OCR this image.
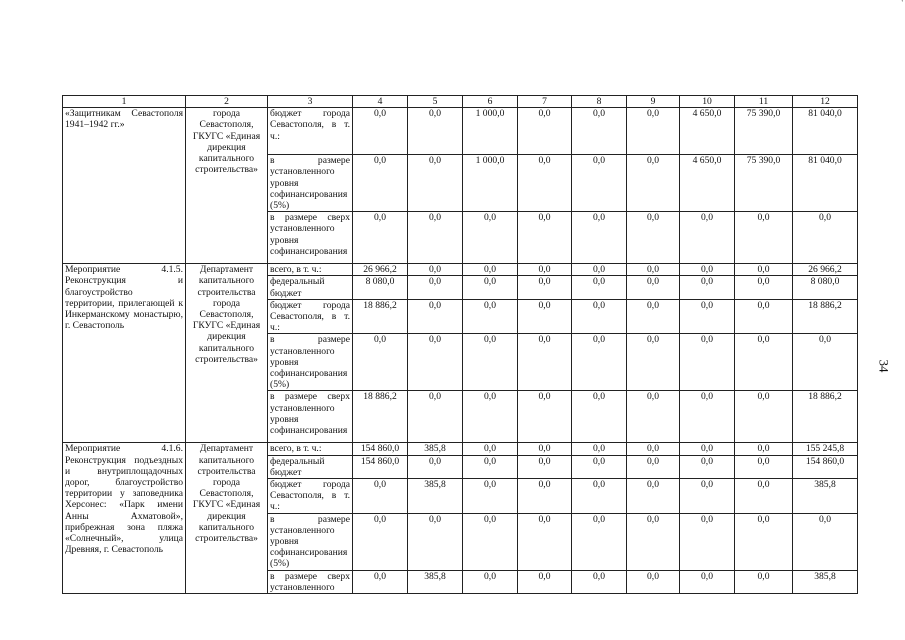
'
1	2	3	4	5	6	7	8	9	10	11	12
«Защитникам Севастополя 1941–1942 гг.»	города Севастополя, ГКУГС «Единая дирекция капитального строительства»	бюджет города Севастополя, в т. ч.:	0,0	0,0	1 000,0	0,0	0,0	0,0	4 650,0	75 390,0	81 040,0
		в размере установленного уровня софинансирования (5%)	0,0	0,0	1 000,0	0,0	0,0	0,0	4 650,0	75 390,0	81 040,0
		в размере сверх установленного уровня софинансирования	0,0	0,0	0,0	0,0	0,0	0,0	0,0	0,0	0,0
Мероприятие 4.1.5. Реконструкция и благоустройство территории, прилегающей к Инкерманскому монастырю, г. Севастополь	Департамент капитального строительства города Севастополя, ГКУГС «Единая дирекция капитального строительства»	всего, в т. ч.:	26 966,2	0,0	0,0	0,0	0,0	0,0	0,0	0,0	26 966,2
		федеральный бюджет	8 080,0	0,0	0,0	0,0	0,0	0,0	0,0	0,0	8 080,0
		бюджет города Севастополя, в т. ч.:	18 886,2	0,0	0,0	0,0	0,0	0,0	0,0	0,0	18 886,2
		в размере установленного уровня софинансирования (5%)	0,0	0,0	0,0	0,0	0,0	0,0	0,0	0,0	0,0
		в размере сверх установленного уровня софинансирования	18 886,2	0,0	0,0	0,0	0,0	0,0	0,0	0,0	18 886,2
Мероприятие 4.1.6. Реконструкция подъездных и внутриплощадочных дорог, благоустройство территории у заповедника Херсонес: «Парк имени Анны Ахматовой», прибрежная зона пляжа «Солнечный», улица Древняя, г. Севастополь	Департамент капитального строительства города Севастополя, ГКУГС «Единая дирекция капитального строительства»	всего, в т. ч.:	154 860,0	385,8	0,0	0,0	0,0	0,0	0,0	0,0	155 245,8
		федеральный бюджет	154 860,0	0,0	0,0	0,0	0,0	0,0	0,0	0,0	154 860,0
		бюджет города Севастополя, в т. ч.:	0,0	385,8	0,0	0,0	0,0	0,0	0,0	0,0	385,8
		в размере установленного уровня софинансирования (5%)	0,0	0,0	0,0	0,0	0,0	0,0	0,0	0,0	0,0
		в размере сверх установленного	0,0	385,8	0,0	0,0	0,0	0,0	0,0	0,0	385,8
34
